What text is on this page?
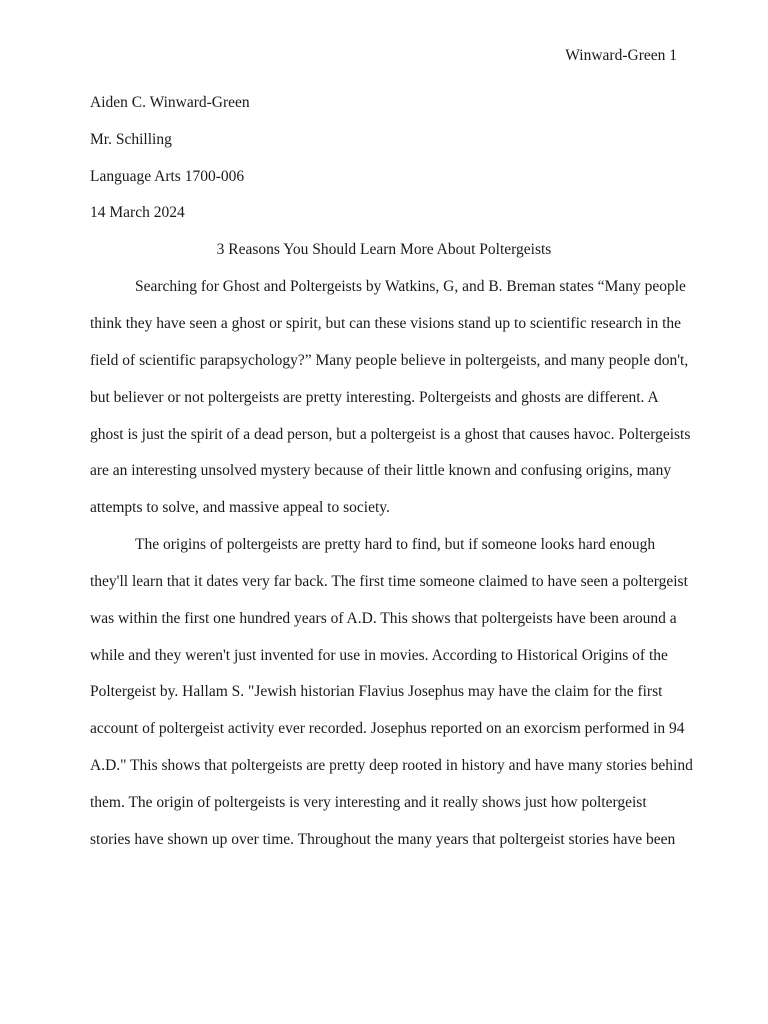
Winward-Green 1
Aiden C. Winward-Green
Mr. Schilling
Language Arts 1700-006
14 March 2024
3 Reasons You Should Learn More About Poltergeists
Searching for Ghost and Poltergeists by Watkins, G, and B. Breman states “Many people
think they have seen a ghost or spirit, but can these visions stand up to scientific research in the
field of scientific parapsychology?” Many people believe in poltergeists, and many people don't,
but believer or not poltergeists are pretty interesting. Poltergeists and ghosts are different. A
ghost is just the spirit of a dead person, but a poltergeist is a ghost that causes havoc. Poltergeists
are an interesting unsolved mystery because of their little known and confusing origins, many
attempts to solve, and massive appeal to society.
The origins of poltergeists are pretty hard to find, but if someone looks hard enough
they'll learn that it dates very far back. The first time someone claimed to have seen a poltergeist
was within the first one hundred years of A.D. This shows that poltergeists have been around a
while and they weren't just invented for use in movies. According to Historical Origins of the
Poltergeist by. Hallam S. "Jewish historian Flavius Josephus may have the claim for the first
account of poltergeist activity ever recorded. Josephus reported on an exorcism performed in 94
A.D." This shows that poltergeists are pretty deep rooted in history and have many stories behind
them. The origin of poltergeists is very interesting and it really shows just how poltergeist
stories have shown up over time. Throughout the many years that poltergeist stories have been
